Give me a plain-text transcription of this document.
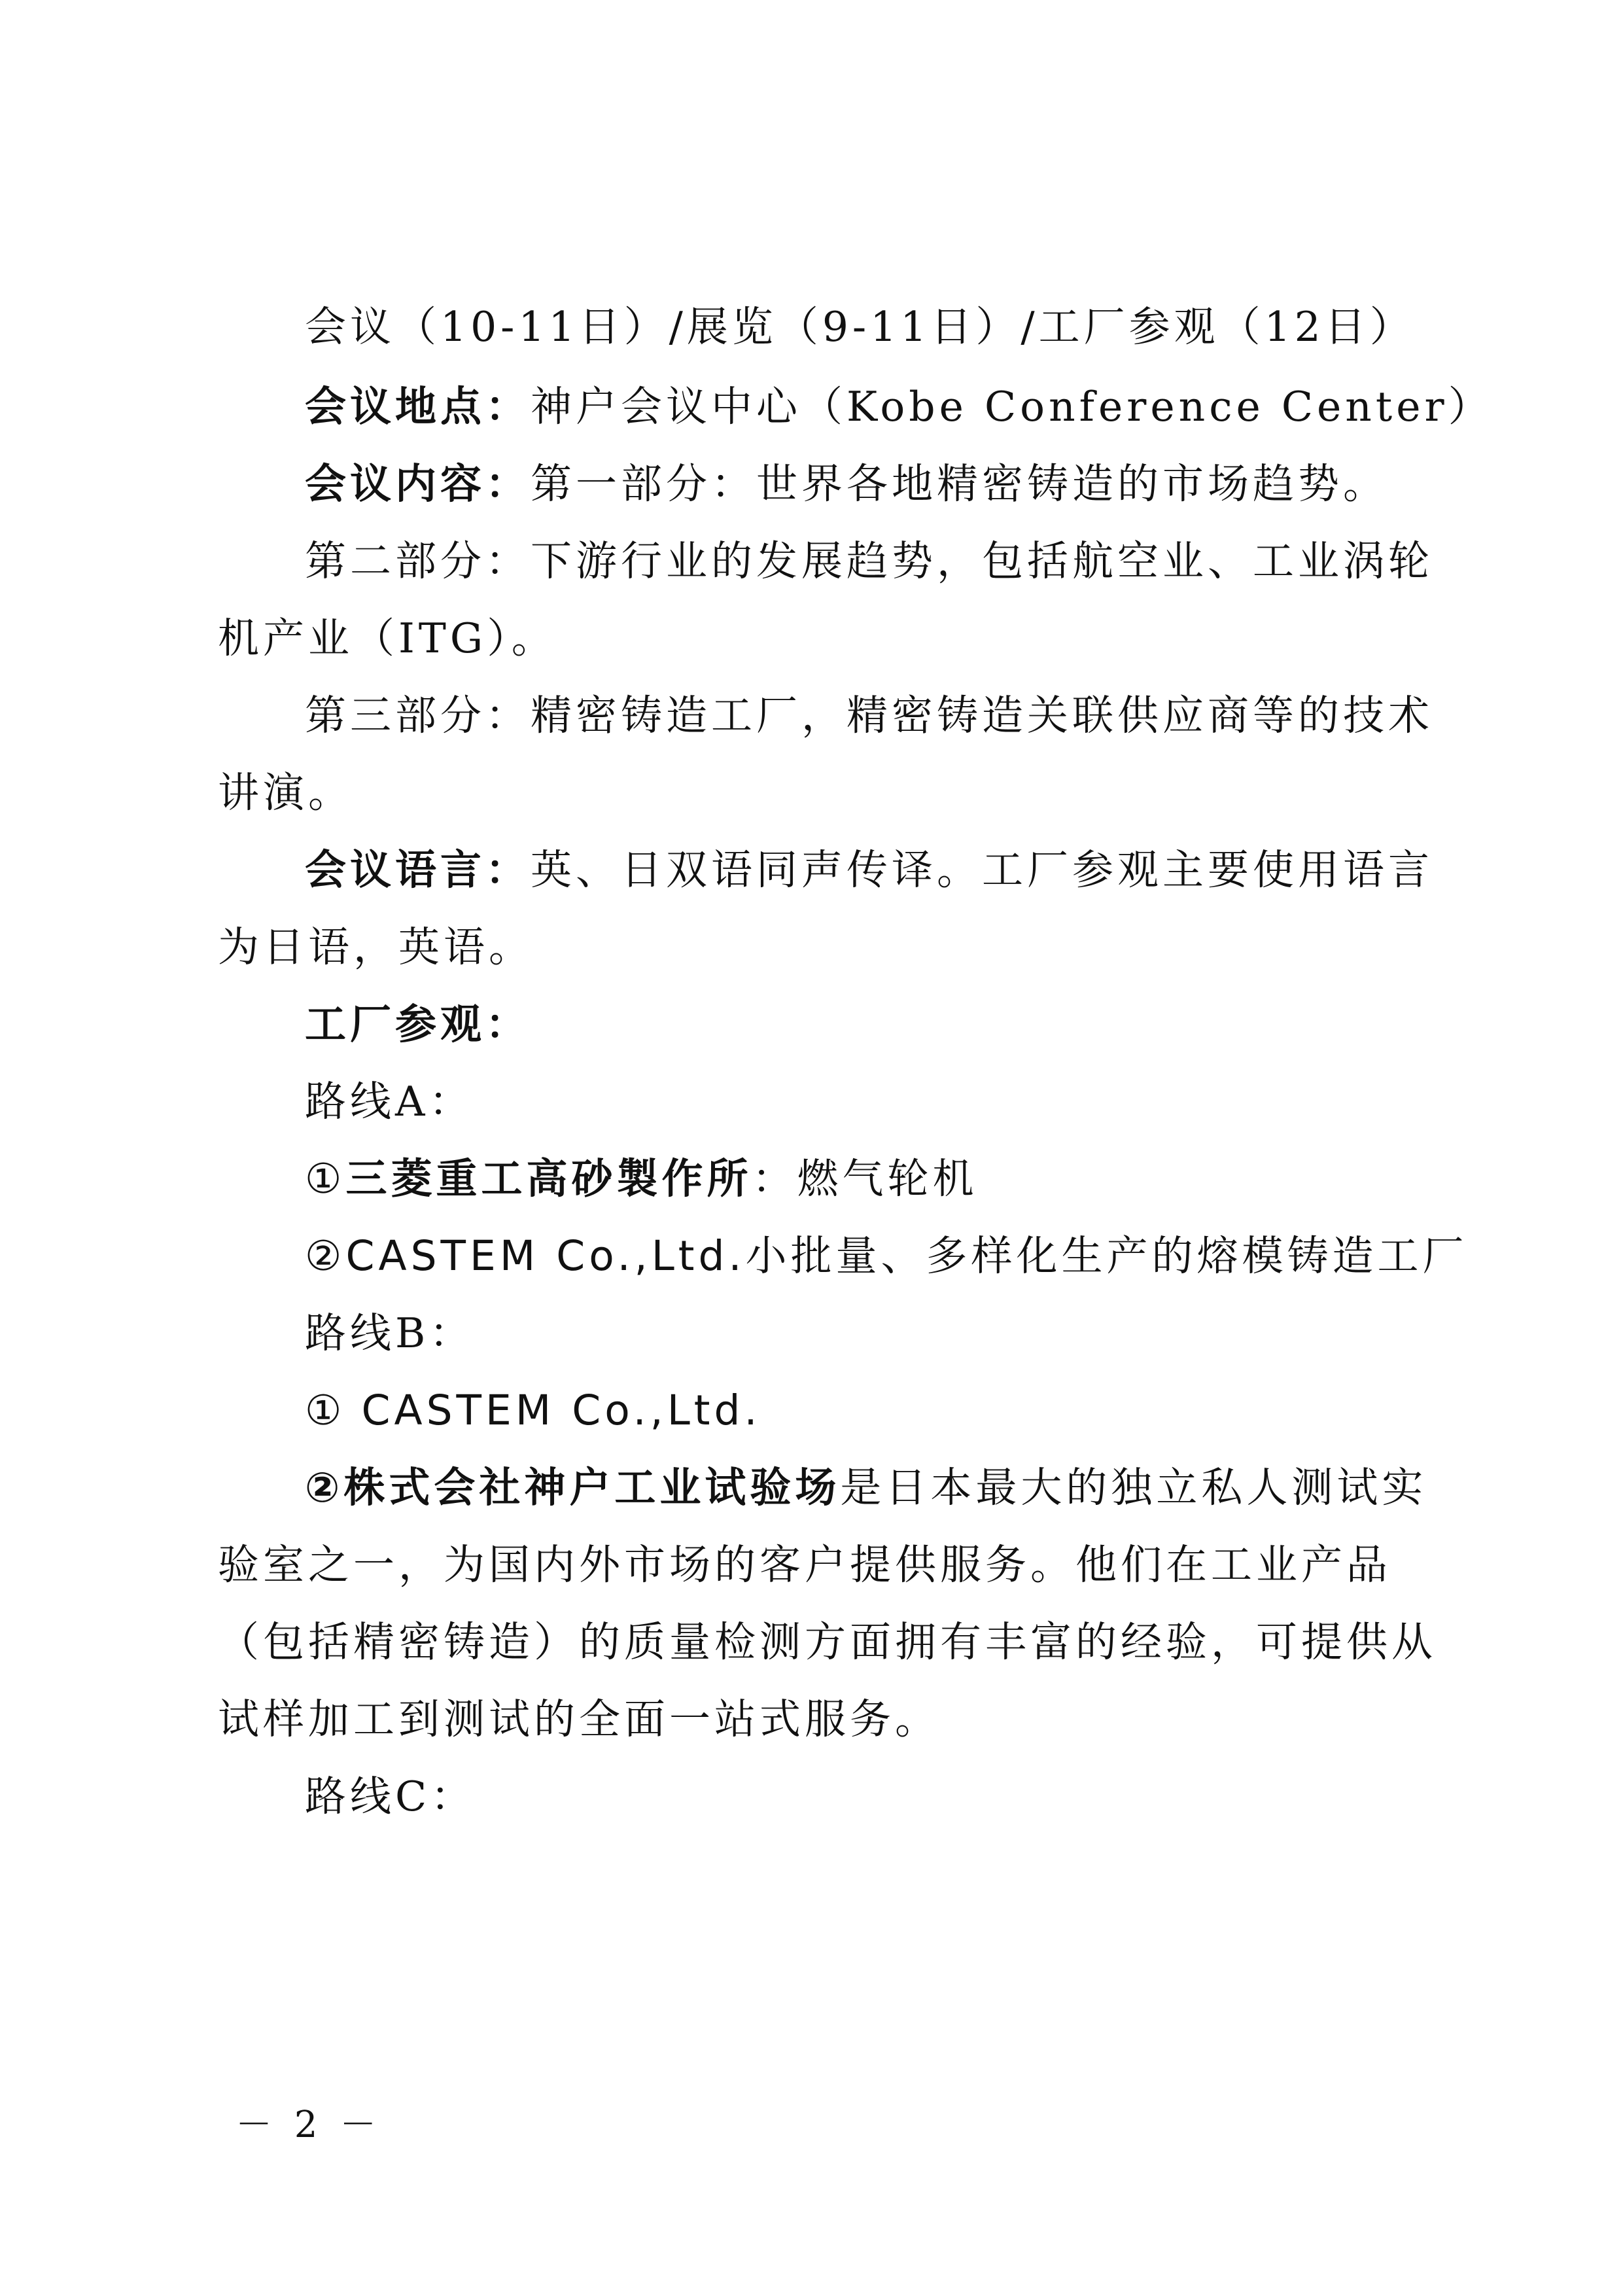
会议（10-11日）/展览（9-11日）/工厂参观（12日）
会议地点：神户会议中心（Kobe Conference Center）
会议内容：第一部分：世界各地精密铸造的市场趋势。
第二部分：下游行业的发展趋势，包括航空业、工业涡轮
机产业（ITG）。
第三部分：精密铸造工厂，精密铸造关联供应商等的技术
讲演。
会议语言：英、日双语同声传译。工厂参观主要使用语言
为日语，英语。
工厂参观：
路线A：
①三菱重工高砂製作所：燃气轮机
②CASTEM Co.,Ltd.小批量、多样化生产的熔模铸造工厂
路线B：
① CASTEM Co.,Ltd.
②株式会社神户工业试验场是日本最大的独立私人测试实
验室之一，为国内外市场的客户提供服务。他们在工业产品
（包括精密铸造）的质量检测方面拥有丰富的经验，可提供从
试样加工到测试的全面一站式服务。
路线C：
－ 2 －
